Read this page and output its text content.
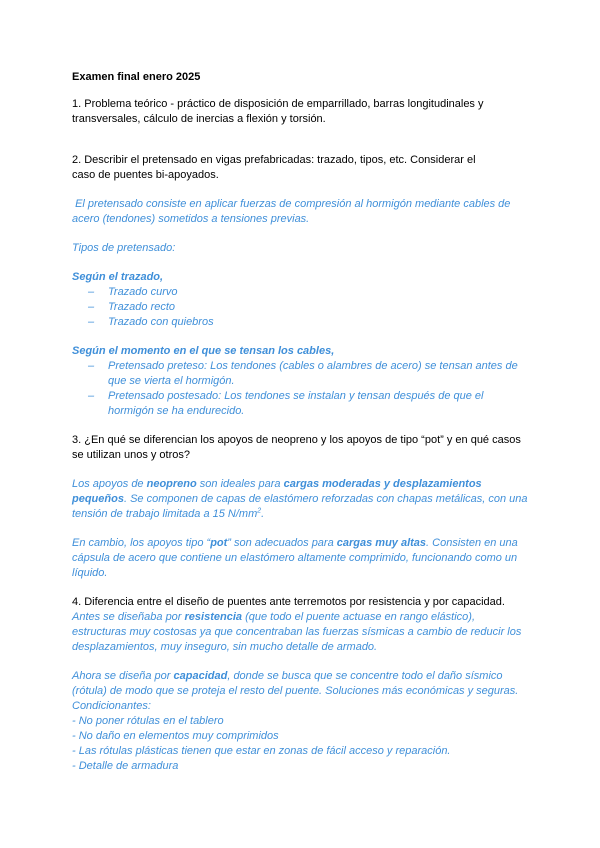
Examen final enero 2025

1. Problema teórico - práctico de disposición de emparrillado, barras longitudinales y transversales, cálculo de inercias a flexión y torsión.

2. Describir el pretensado en vigas prefabricadas: trazado, tipos, etc. Considerar el
caso de puentes bi-apoyados.

El pretensado consiste en aplicar fuerzas de compresión al hormigón mediante cables de acero (tendones) sometidos a tensiones previas.

Tipos de pretensado:

Según el trazado,

– Trazado curvo
– Trazado recto
– Trazado con quiebros

Según el momento en el que se tensan los cables,

– Pretensado preteso: Los tendones (cables o alambres de acero) se tensan antes de que se vierta el hormigón.
– Pretensado postesado: Los tendones se instalan y tensan después de que el hormigón se ha endurecido.

3. ¿En qué se diferencian los apoyos de neopreno y los apoyos de tipo “pot” y en qué casos se utilizan unos y otros?

Los apoyos de neopreno son ideales para cargas moderadas y desplazamientos pequeños. Se componen de capas de elastómero reforzadas con chapas metálicas, con una tensión de trabajo limitada a 15 $N/mm^2$.

En cambio, los apoyos tipo “pot” son adecuados para cargas muy altas. Consisten en una cápsula de acero que contiene un elastómero altamente comprimido, funcionando como un líquido.

4. Diferencia entre el diseño de puentes ante terremotos por resistencia y por capacidad.

Antes se diseñaba por resistencia (que todo el puente actuase en rango elástico), estructuras muy costosas ya que concentraban las fuerzas sísmicas a cambio de reducir los desplazamientos, muy inseguro, sin mucho detalle de armado.

Ahora se diseña por capacidad, donde se busca que se concentre todo el daño sísmico (rótula) de modo que se proteja el resto del puente. Soluciones más económicas y seguras.

Condicionantes:

- No poner rótulas en el tablero

- No daño en elementos muy comprimidos

- Las rótulas plásticas tienen que estar en zonas de fácil acceso y reparación.

- Detalle de armadura
